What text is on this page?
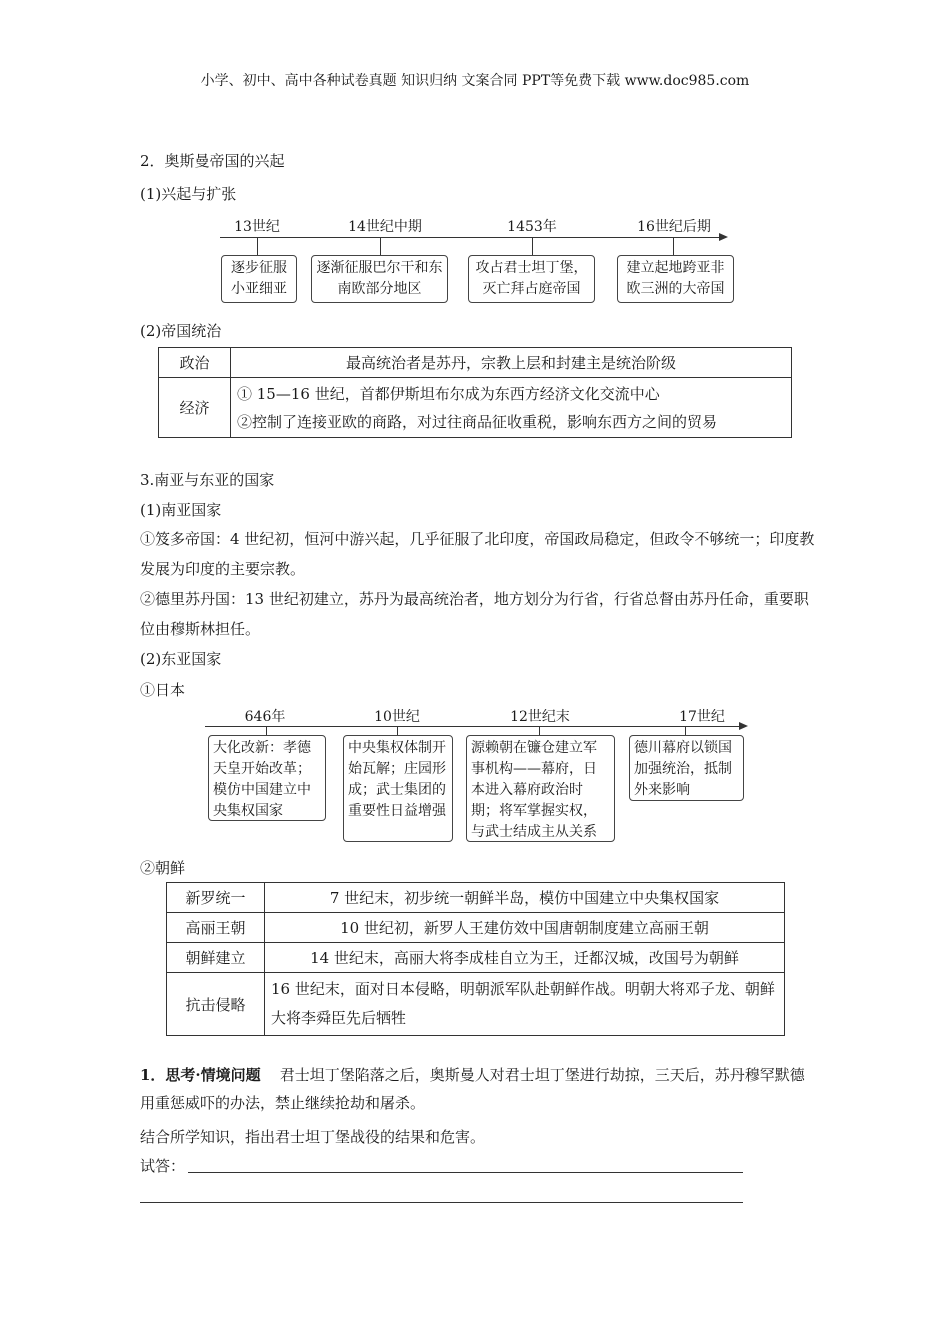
小学、初中、高中各种试卷真题 知识归纳 文案合同 PPT等免费下载 www.doc985.com
2．奥斯曼帝国的兴起
(1)兴起与扩张
13世纪
逐步征服小亚细亚
14世纪中期
逐渐征服巴尔干和东南欧部分地区
1453年
攻占君士坦丁堡，灭亡拜占庭帝国
16世纪后期
建立起地跨亚非欧三洲的大帝国
(2)帝国统治
政治	最高统治者是苏丹，宗教上层和封建主是统治阶级
经济	① 15—16 世纪，首都伊斯坦布尔成为东西方经济文化交流中心
②控制了连接亚欧的商路，对过往商品征收重税，影响东西方之间的贸易
3.南亚与东亚的国家
(1)南亚国家
①笈多帝国：4 世纪初，恒河中游兴起，几乎征服了北印度，帝国政局稳定，但政令不够统一；印度教发展为印度的主要宗教。
②德里苏丹国：13 世纪初建立，苏丹为最高统治者，地方划分为行省，行省总督由苏丹任命，重要职位由穆斯林担任。
(2)东亚国家
①日本
646年
大化改新：孝德天皇开始改革；模仿中国建立中央集权国家
10世纪
中央集权体制开始瓦解；庄园形成；武士集团的重要性日益增强
12世纪末
源赖朝在镰仓建立军事机构——幕府，日本进入幕府政治时期；将军掌握实权，与武士结成主从关系
17世纪
德川幕府以锁国加强统治，抵制外来影响
②朝鲜
新罗统一	7 世纪末，初步统一朝鲜半岛，模仿中国建立中央集权国家
高丽王朝	10 世纪初，新罗人王建仿效中国唐朝制度建立高丽王朝
朝鲜建立	14 世纪末，高丽大将李成桂自立为王，迁都汉城，改国号为朝鲜
抗击侵略	16 世纪末，面对日本侵略，明朝派军队赴朝鲜作战。明朝大将邓子龙、朝鲜大将李舜臣先后牺牲
1．思考·情境问题 君士坦丁堡陷落之后，奥斯曼人对君士坦丁堡进行劫掠，三天后，苏丹穆罕默德用重惩威吓的办法，禁止继续抢劫和屠杀。
结合所学知识，指出君士坦丁堡战役的结果和危害。
试答：
